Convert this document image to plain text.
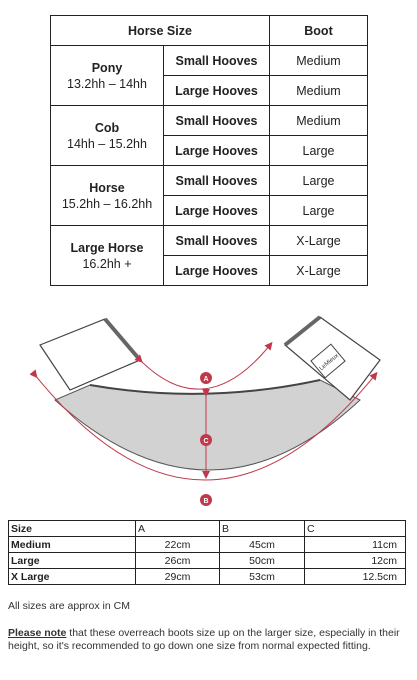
Horse Size		Boot

Pony
13.2hh – 14hh	Small Hooves	Medium
	Large Hooves	Medium

Cob
14hh – 15.2hh	Small Hooves	Medium
	Large Hooves	Large

Horse
15.2hh – 16.2hh	Small Hooves	Large
	Large Hooves	Large

Large Horse
16.2hh +	Small Hooves	X-Large
	Large Hooves	X-Large
LeMieux
A
C
B
Size	A	B	C
Medium	22cm	45cm	11cm
Large	26cm	50cm	12cm
X Large	29cm	53cm	12.5cm
All sizes are approx in CM
Please note that these overreach boots size up on the larger size, especially in their height, so it's recommended to go down one size from normal expected fitting.
